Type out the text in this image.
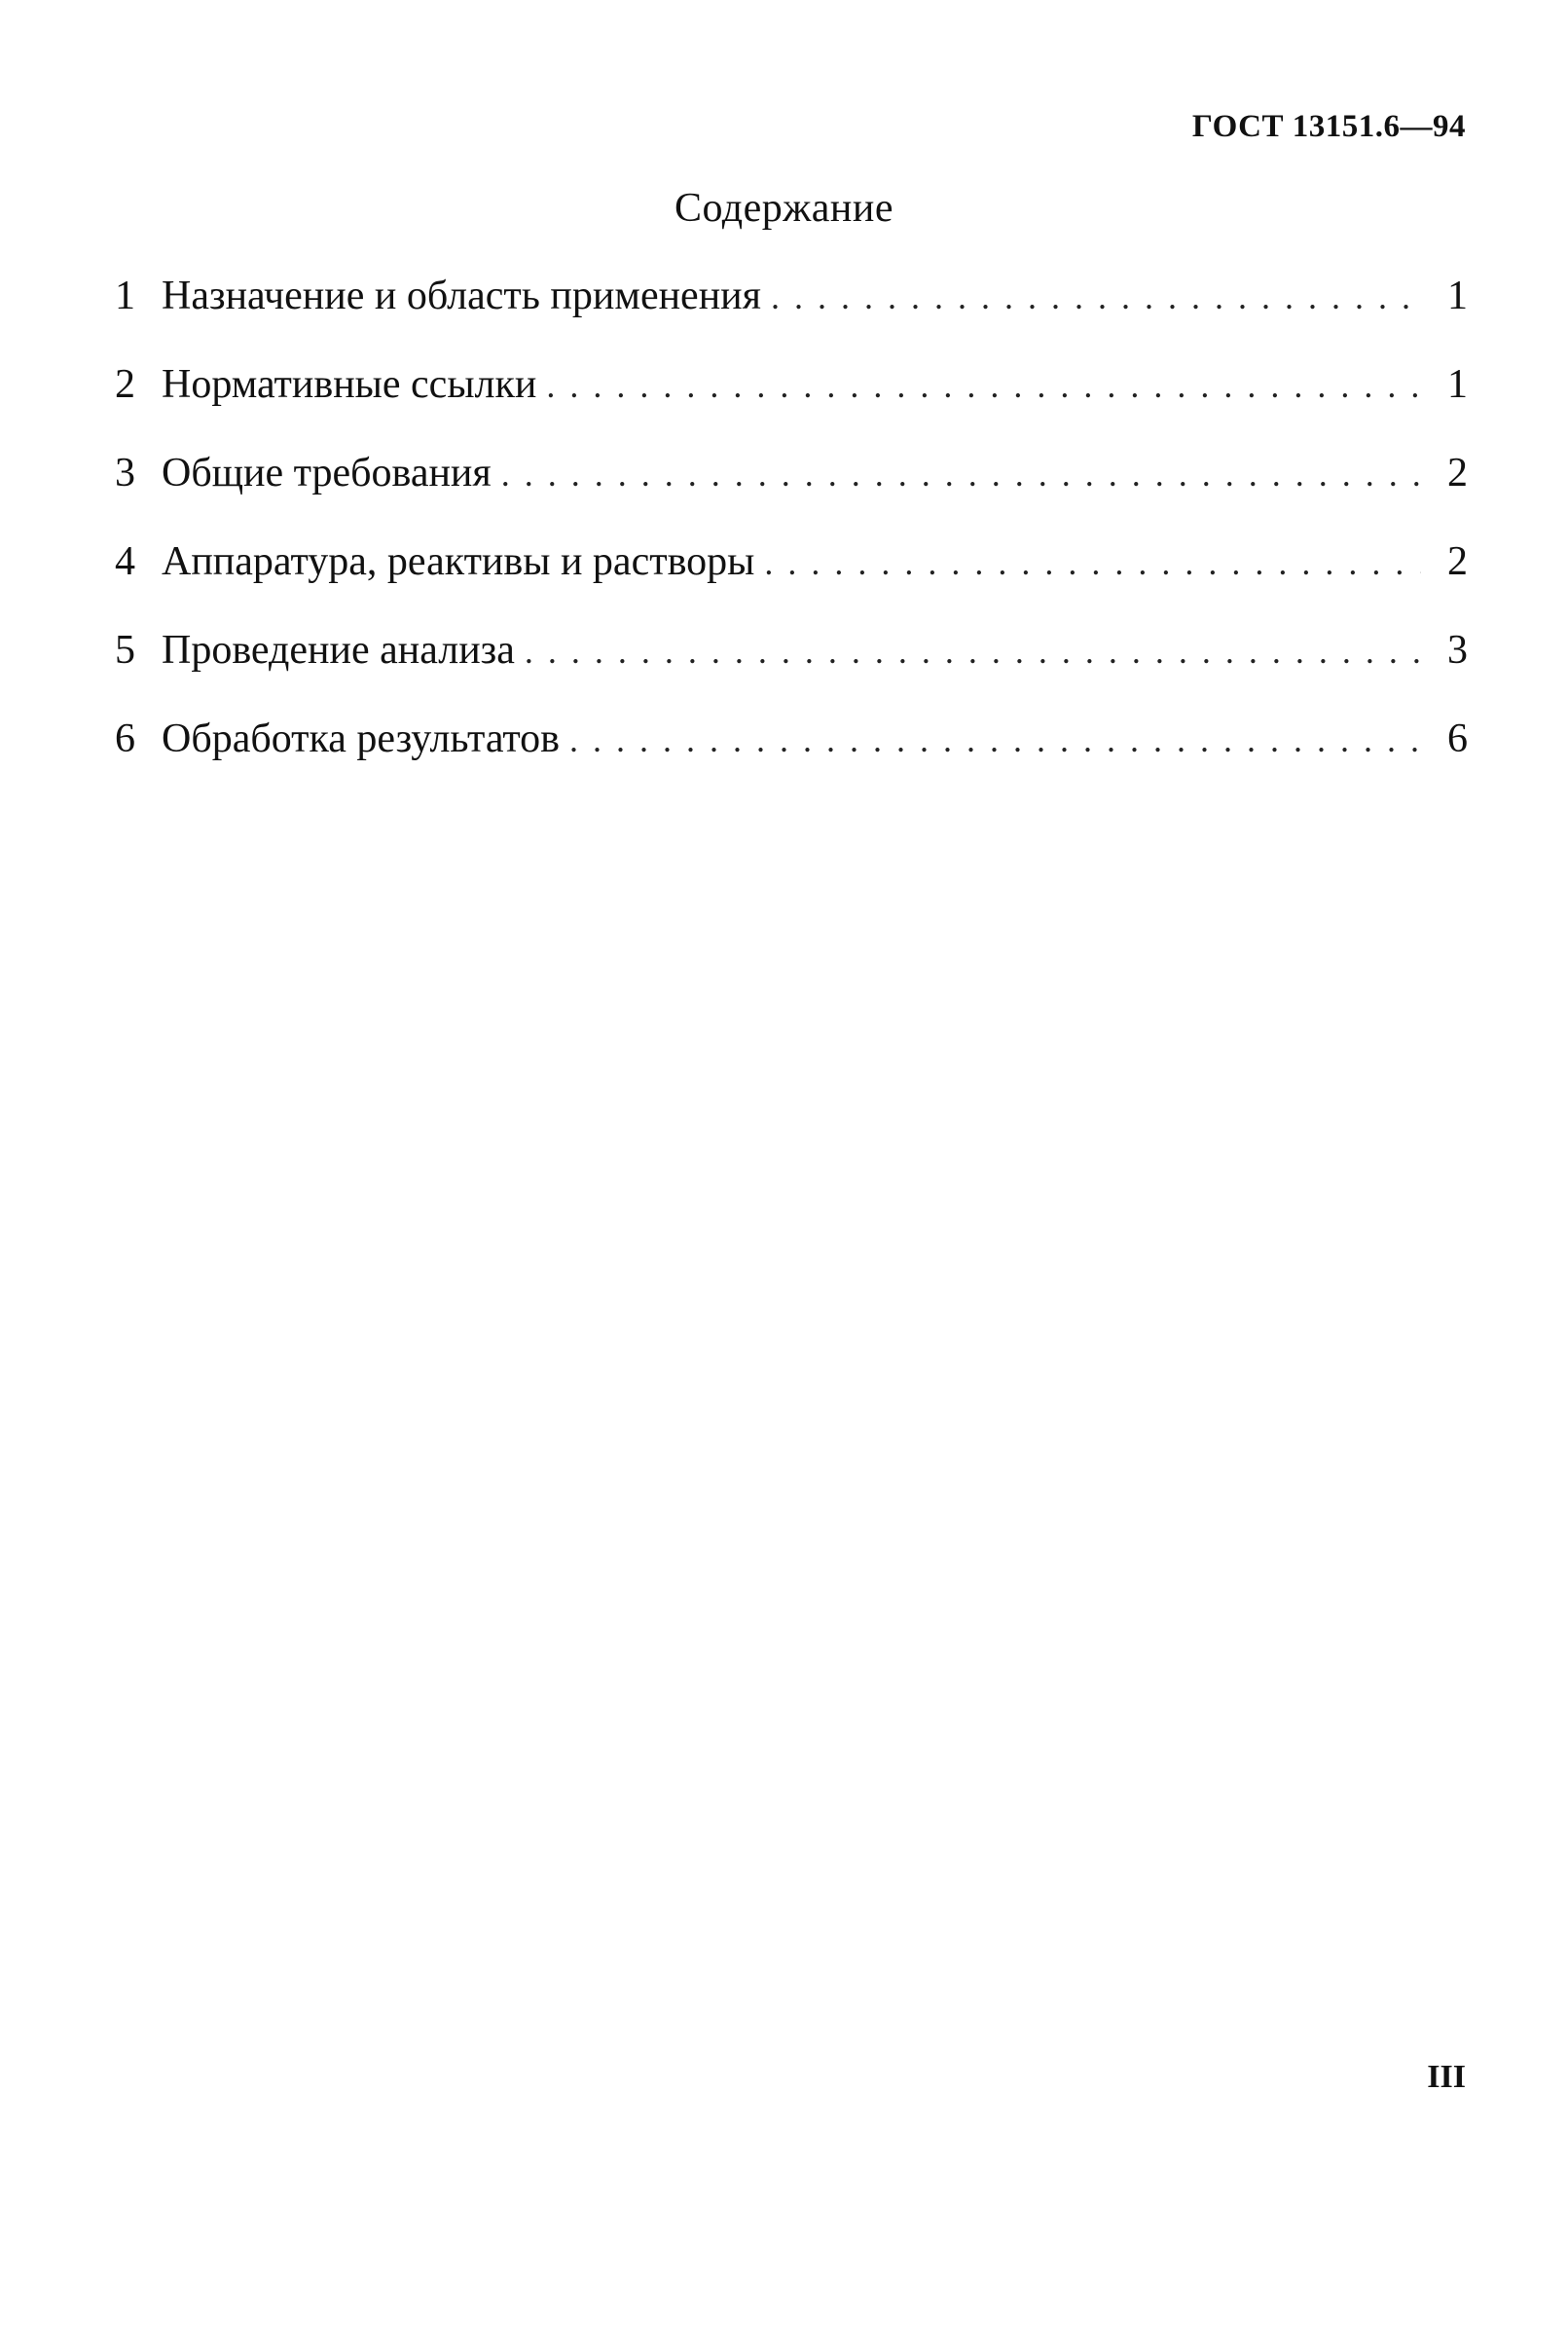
ГОСТ 13151.6—94
Содержание
1 Назначение и область применения .....	1
2 Нормативные ссылки .....	1
3 Общие требования .....	2
4 Аппаратура, реактивы и растворы .....	2
5 Проведение анализа .....	3
6 Обработка результатов .....	6
III
